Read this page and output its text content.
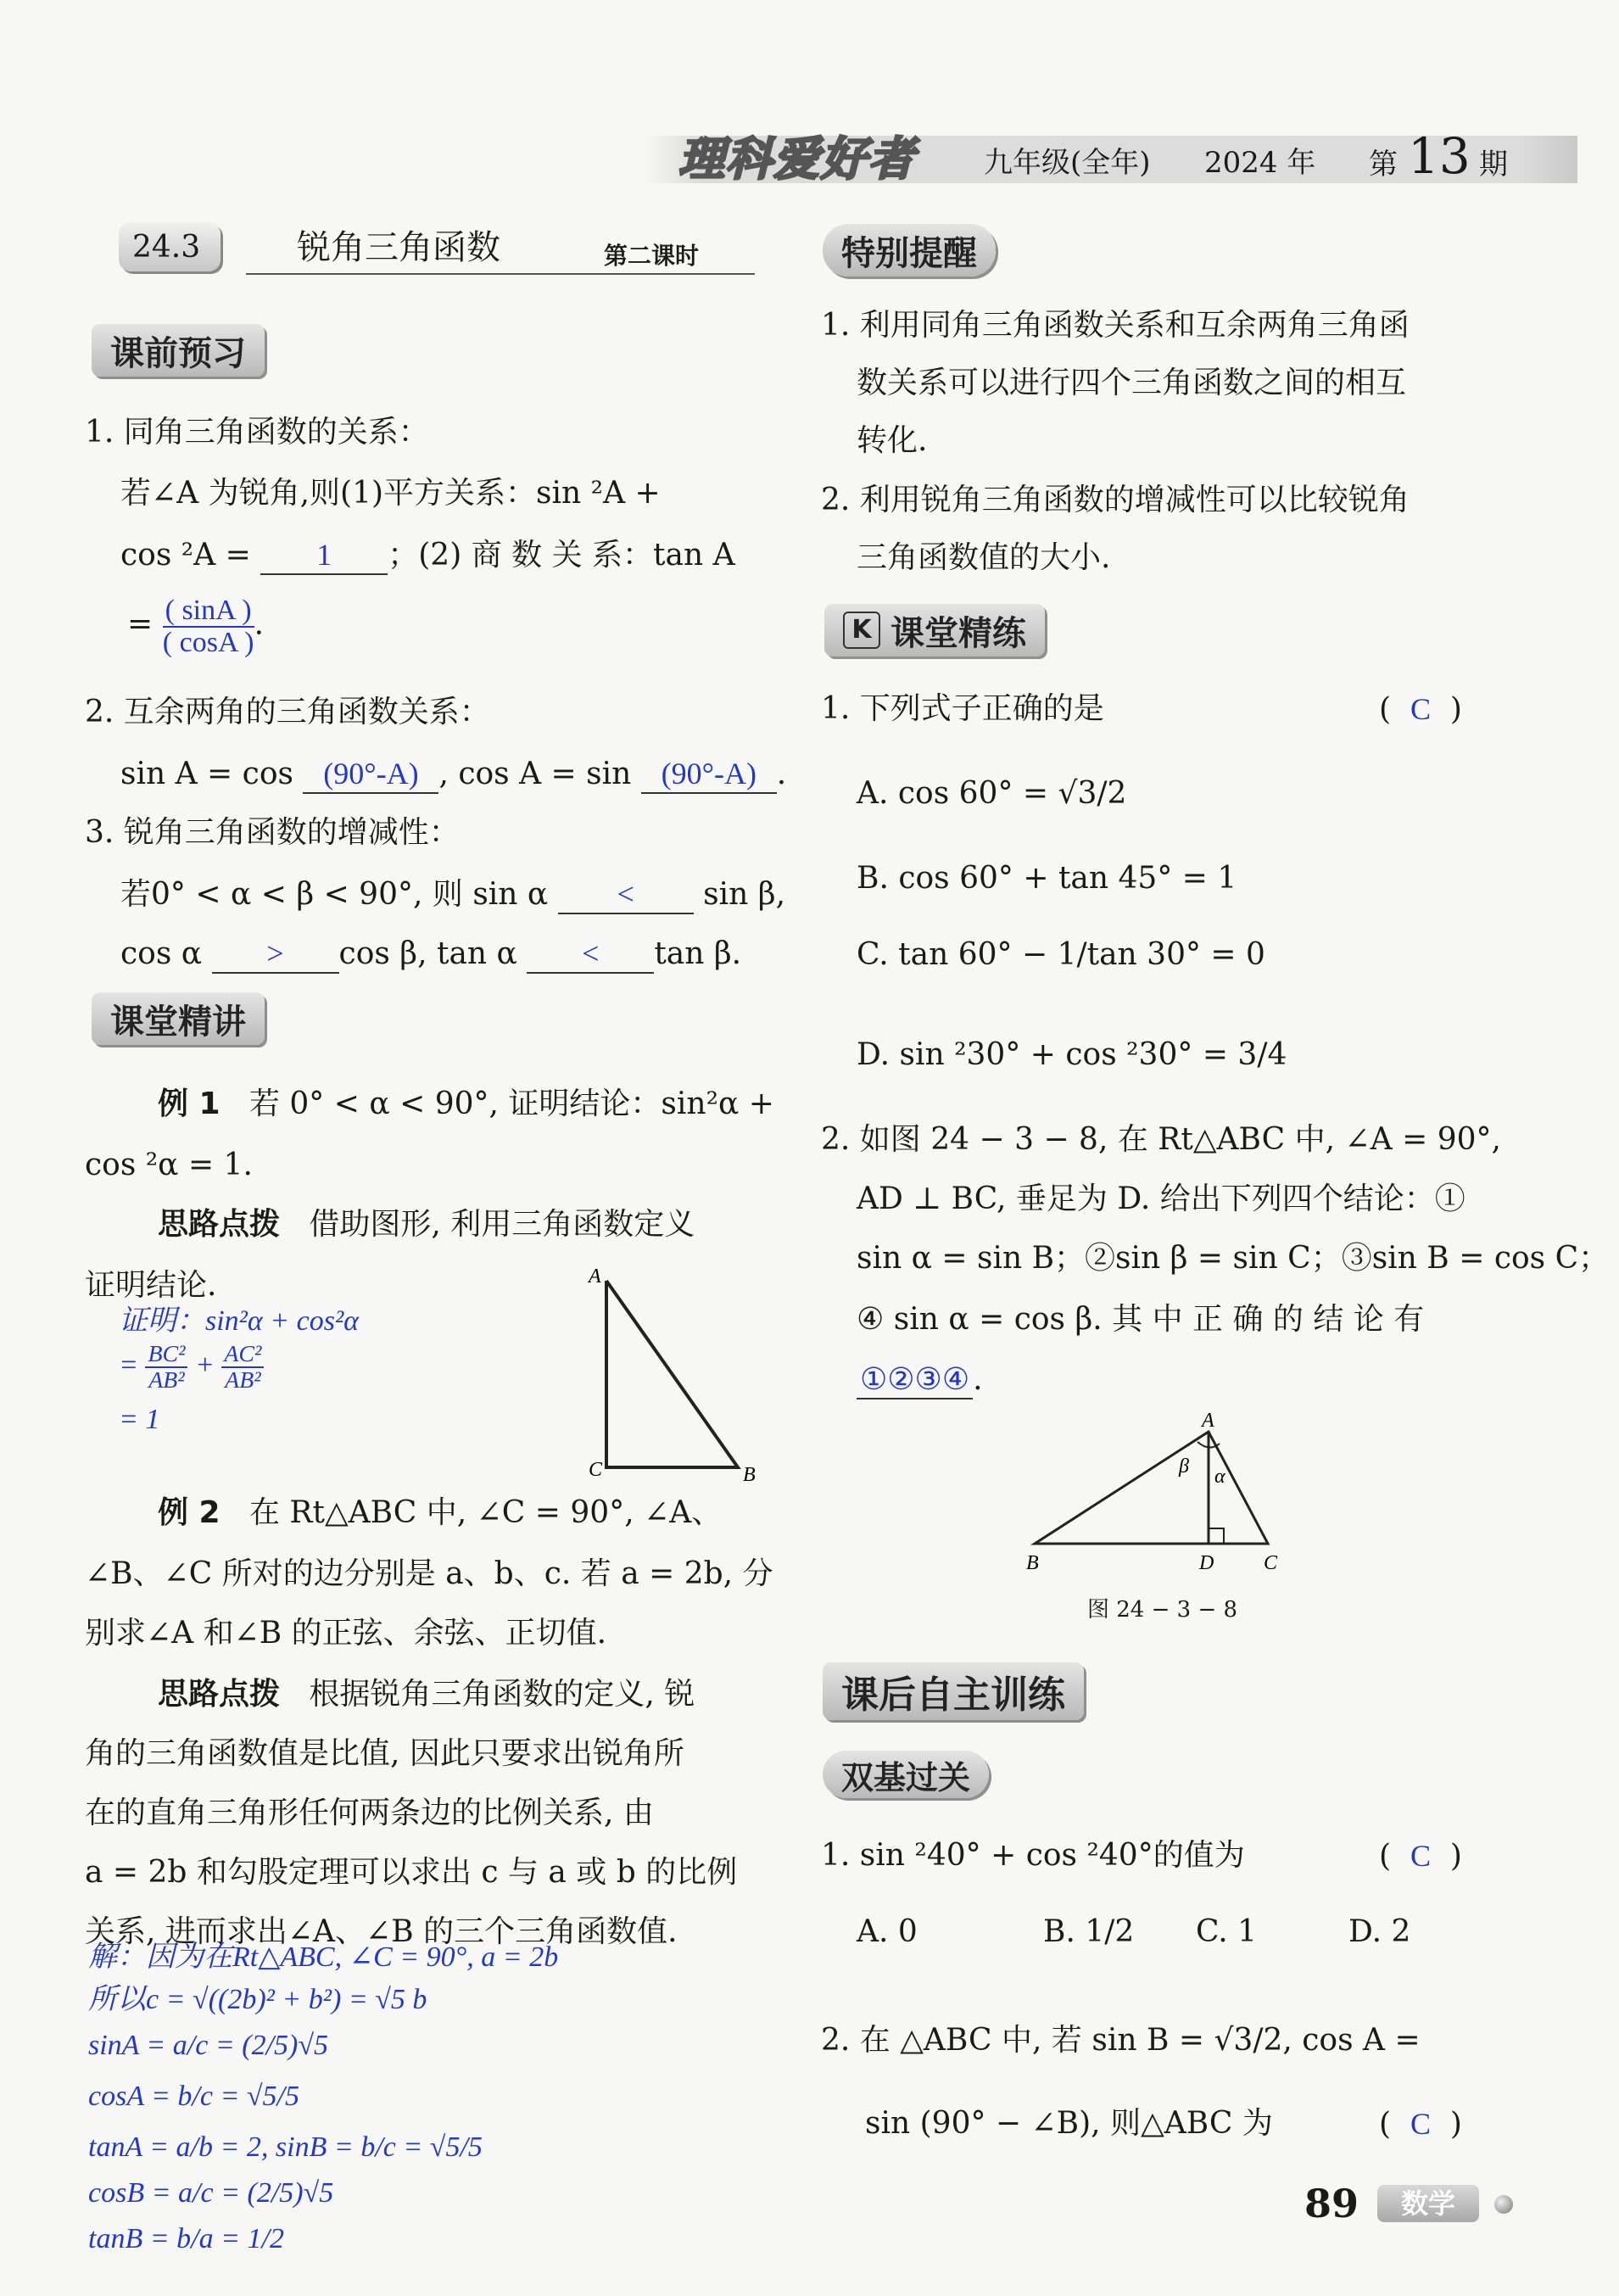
理科爱好者 九年级(全年) 2024 年 第 13 期
24.3	锐角三角函数	第二课时
课前预习
1. 同角三角函数的关系：
若∠A 为锐角,则(1)平方关系：sin ²A +
cos ²A = 1 ；(2) 商 数 关 系：tan A
= $\frac{( \sin A )}{( \cos A )}$ .
2. 互余两角的三角函数关系：
sin A = cos (90°-A) , cos A = sin (90°-A) .
3. 锐角三角函数的增减性：
若0° < α < β < 90°, 则 sin α < sin β,
cos α > cos β, tan α < tan β.
课堂精讲
例 1 若 0° < α < 90°, 证明结论：sin²α +
cos ²α = 1.
思路点拨 借助图形, 利用三角函数定义
证明结论.
证明：sin²α + cos²α
= $\frac{\text{BC²}}{\text{AB²}} + \frac{\text{AC²}}{\text{AB²}}$
= 1
A
C	B
例 2 在 Rt△ABC 中, ∠C = 90°, ∠A、
∠B、∠C 所对的边分别是 a、b、c. 若 a = 2b, 分
别求∠A 和∠B 的正弦、余弦、正切值.
思路点拨 根据锐角三角函数的定义, 锐
角的三角函数值是比值, 因此只要求出锐角所
在的直角三角形任何两条边的比例关系, 由
a = 2b 和勾股定理可以求出 c 与 a 或 b 的比例
关系, 进而求出∠A、∠B 的三个三角函数值.
解：因为在Rt△ABC, ∠C = 90°, a = 2b
所以c = √((2b)² + b²) = √5 b
sinA = a/c = (2/5)√5
cosA = b/c = √5/5
tanA = a/b = 2, sinB = b/c = √5/5
cosB = a/c = (2/5)√5
tanB = b/a = 1/2
特别提醒
1. 利用同角三角函数关系和互余两角三角函
数关系可以进行四个三角函数之间的相互
转化.
2. 利用锐角三角函数的增减性可以比较锐角
三角函数值的大小.
K 课堂精练
1. 下列式子正确的是	(  C  )
A. cos 60° = √3/2
B. cos 60° + tan 45° = 1
C. tan 60° − 1/tan 30° = 0
D. sin ²30° + cos ²30° = 3/4
2. 如图 24 − 3 − 8, 在 Rt△ABC 中, ∠A = 90°,
AD ⊥ BC, 垂足为 D. 给出下列四个结论：①
sin α = sin B；②sin β = sin C；③sin B = cos C；
④ sin α = cos β. 其 中 正 确 的 结 论 有
①②③④ .
A
B	D C
β α
图 24 − 3 − 8
课后自主训练
双基过关
1. sin ²40° + cos ²40°的值为	(  C  )
A. 0	B. 1/2 C. 1	D. 2
2. 在 △ABC 中, 若 sin B = √3/2, cos A =
sin (90° − ∠B), 则△ABC 为	(  C  )
89	数学
